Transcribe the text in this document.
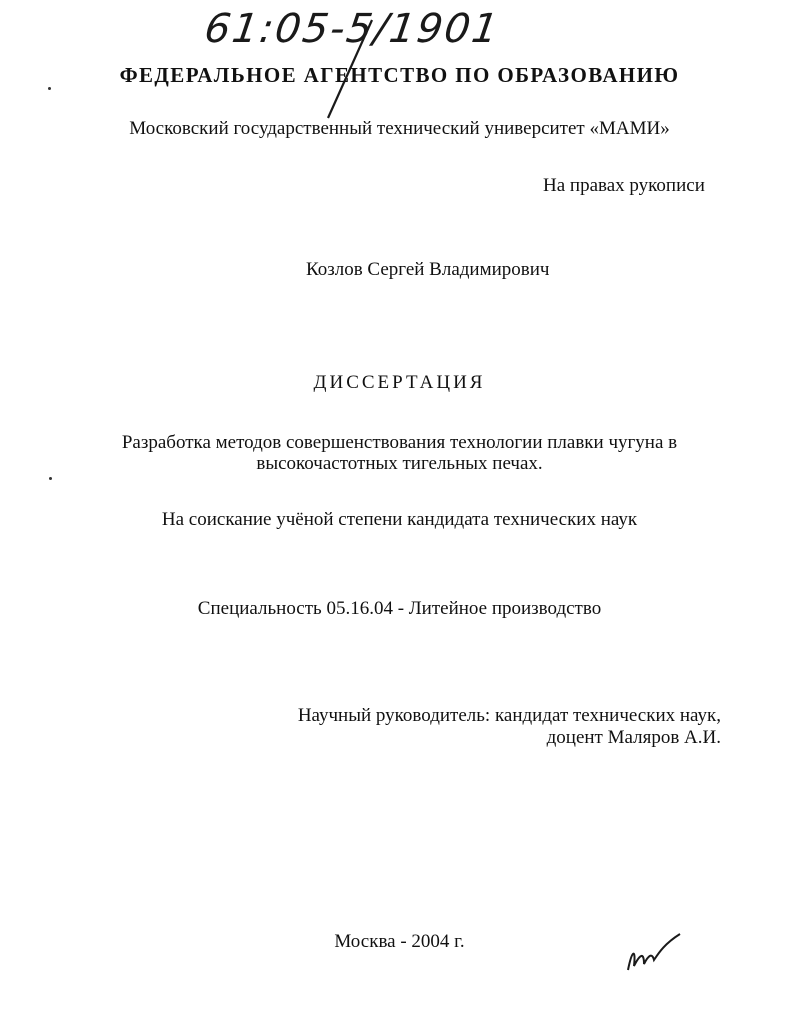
61:05-5/1901
ФЕДЕРАЛЬНОЕ АГЕНТСТВО ПО ОБРАЗОВАНИЮ
Московский государственный технический университет «МАМИ»
На правах рукописи
Козлов Сергей Владимирович
ДИССЕРТАЦИЯ
Разработка методов совершенствования технологии плавки чугуна в
высокочастотных тигельных печах.
На соискание учёной степени кандидата технических наук
Специальность 05.16.04 - Литейное производство
Научный руководитель: кандидат технических наук,
доцент Маляров А.И.
Москва - 2004 г.
